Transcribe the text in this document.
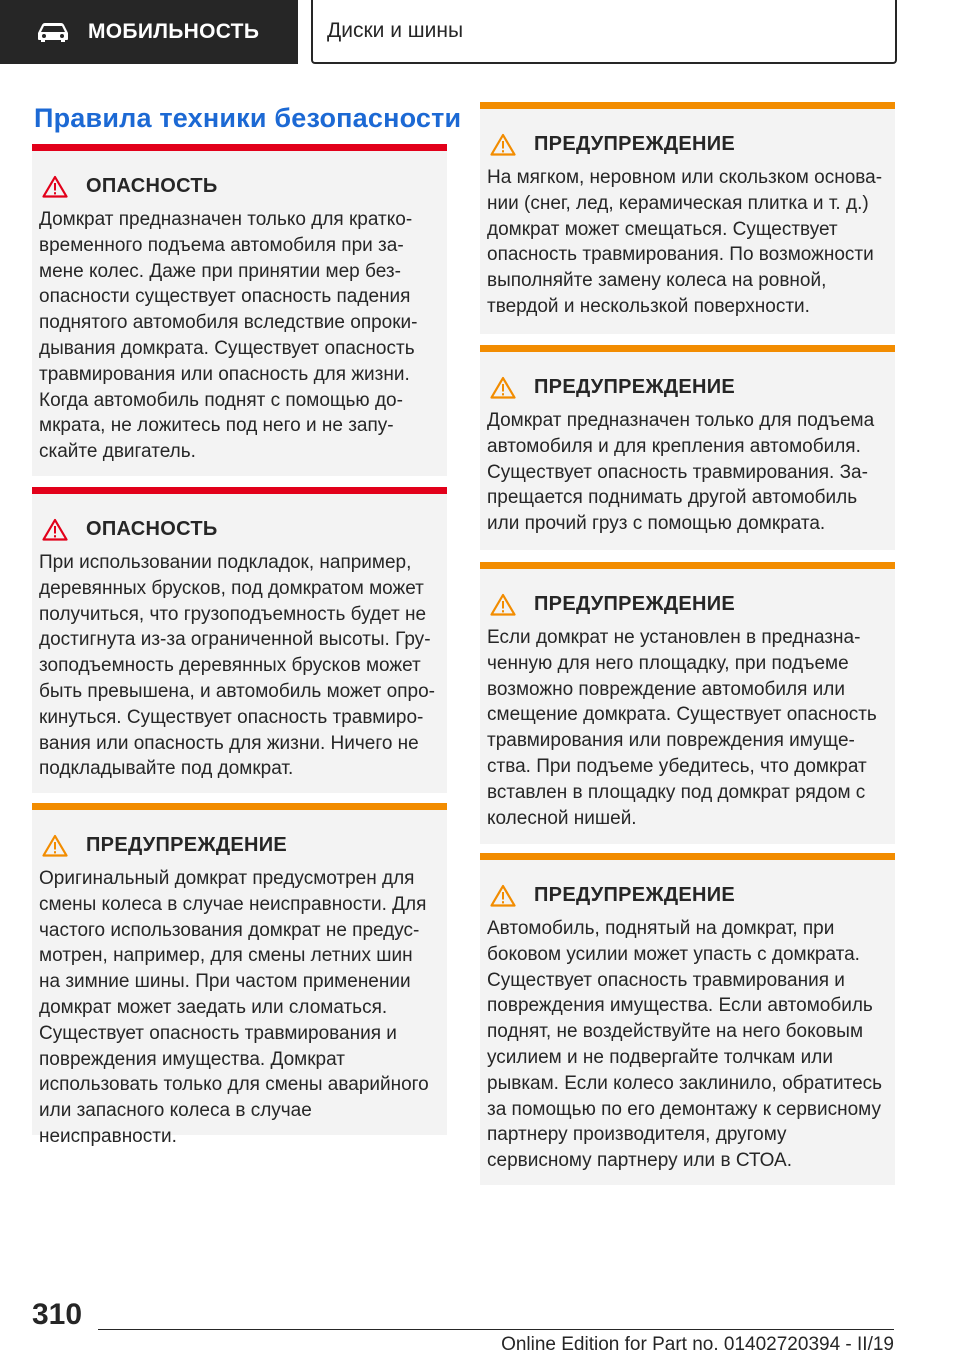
МОБИЛЬНОСТЬ	Диски и шины
Правила техники безопасности
ОПАСНОСТЬ

Домкрат предназначен только для кратковременного подъема автомобиля при замене колес. Даже при принятии мер безопасности существует опасность падения поднятого автомобиля вследствие опрокидывания домкрата. Существует опасность травмирования или опасность для жизни. Когда автомобиль поднят с помощью домкрата, не ложитесь под него и не запускайте двигатель.

ОПАСНОСТЬ

При использовании подкладок, например, деревянных брусков, под домкратом может получиться, что грузоподъемность будет не достигнута из-за ограниченной высоты. Грузоподъемность деревянных брусков может быть превышена, и автомобиль может опрокинуться. Существует опасность травмирования или опасность для жизни. Ничего не подкладывайте под домкрат.

ПРЕДУПРЕЖДЕНИЕ

Оригинальный домкрат предусмотрен для смены колеса в случае неисправности. Для частого использования домкрат не предусмотрен, например, для смены летних шин на зимние шины. При частом применении домкрат может заедать или сломаться. Существует опасность травмирования и повреждения имущества. Домкрат использовать только для смены аварийного или запасного колеса в случае неисправности.

ПРЕДУПРЕЖДЕНИЕ

На мягком, неровном или скользком основании (снег, лед, керамическая плитка и т. д.) домкрат может смещаться. Существует опасность травмирования. По возможности выполняйте замену колеса на ровной, твердой и нескользкой поверхности.

ПРЕДУПРЕЖДЕНИЕ

Домкрат предназначен только для подъема автомобиля и для крепления автомобиля. Существует опасность травмирования. Запрещается поднимать другой автомобиль или прочий груз с помощью домкрата.

ПРЕДУПРЕЖДЕНИЕ

Если домкрат не установлен в предназначенную для него площадку, при подъеме возможно повреждение автомобиля или смещение домкрата. Существует опасность травмирования или повреждения имущества. При подъеме убедитесь, что домкрат вставлен в площадку под домкрат рядом с колесной нишей.

ПРЕДУПРЕЖДЕНИЕ

Автомобиль, поднятый на домкрат, при боковом усилии может упасть с домкрата. Существует опасность травмирования и повреждения имущества. Если автомобиль поднят, не воздействуйте на него боковым усилием и не подвергайте толчкам или рывкам. Если колесо заклинило, обратитесь за помощью по его демонтажу к сервисному партнеру производителя, другому сервисному партнеру или в СТОА.

310
Online Edition for Part no. 01402720394 - II/19
